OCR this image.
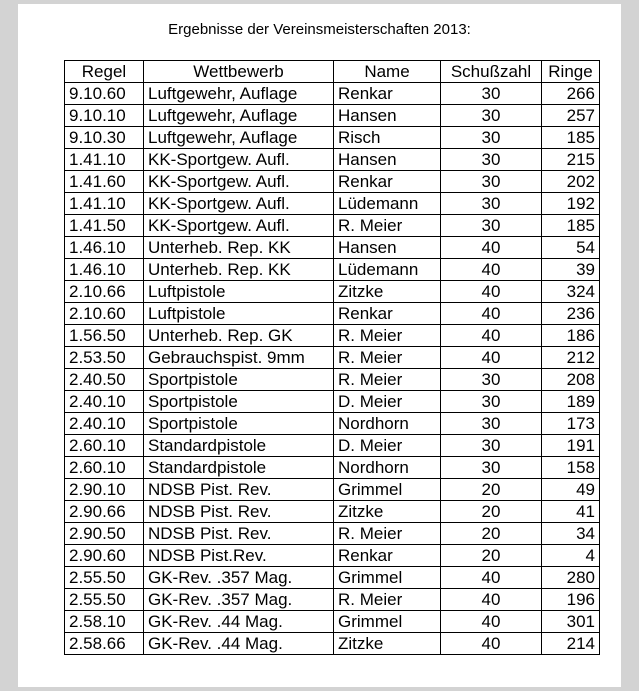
Ergebnisse der Vereinsmeisterschaften 2013:
Regel	Wettbewerb	Name	Schußzahl	Ringe
9.10.60	Luftgewehr, Auflage	Renkar	30	266
9.10.10	Luftgewehr, Auflage	Hansen	30	257
9.10.30	Luftgewehr, Auflage	Risch	30	185
1.41.10	KK-Sportgew. Aufl.	Hansen	30	215
1.41.60	KK-Sportgew. Aufl.	Renkar	30	202
1.41.10	KK-Sportgew. Aufl.	Lüdemann	30	192
1.41.50	KK-Sportgew. Aufl.	R. Meier	30	185
1.46.10	Unterheb. Rep. KK	Hansen	40	54
1.46.10	Unterheb. Rep. KK	Lüdemann	40	39
2.10.66	Luftpistole	Zitzke	40	324
2.10.60	Luftpistole	Renkar	40	236
1.56.50	Unterheb. Rep. GK	R. Meier	40	186
2.53.50	Gebrauchspist. 9mm	R. Meier	40	212
2.40.50	Sportpistole	R. Meier	30	208
2.40.10	Sportpistole	D. Meier	30	189
2.40.10	Sportpistole	Nordhorn	30	173
2.60.10	Standardpistole	D. Meier	30	191
2.60.10	Standardpistole	Nordhorn	30	158
2.90.10	NDSB Pist. Rev.	Grimmel	20	49
2.90.66	NDSB Pist. Rev.	Zitzke	20	41
2.90.50	NDSB Pist. Rev.	R. Meier	20	34
2.90.60	NDSB Pist.Rev.	Renkar	20	4
2.55.50	GK-Rev. .357 Mag.	Grimmel	40	280
2.55.50	GK-Rev. .357 Mag.	R. Meier	40	196
2.58.10	GK-Rev. .44 Mag.	Grimmel	40	301
2.58.66	GK-Rev. .44 Mag.	Zitzke	40	214
